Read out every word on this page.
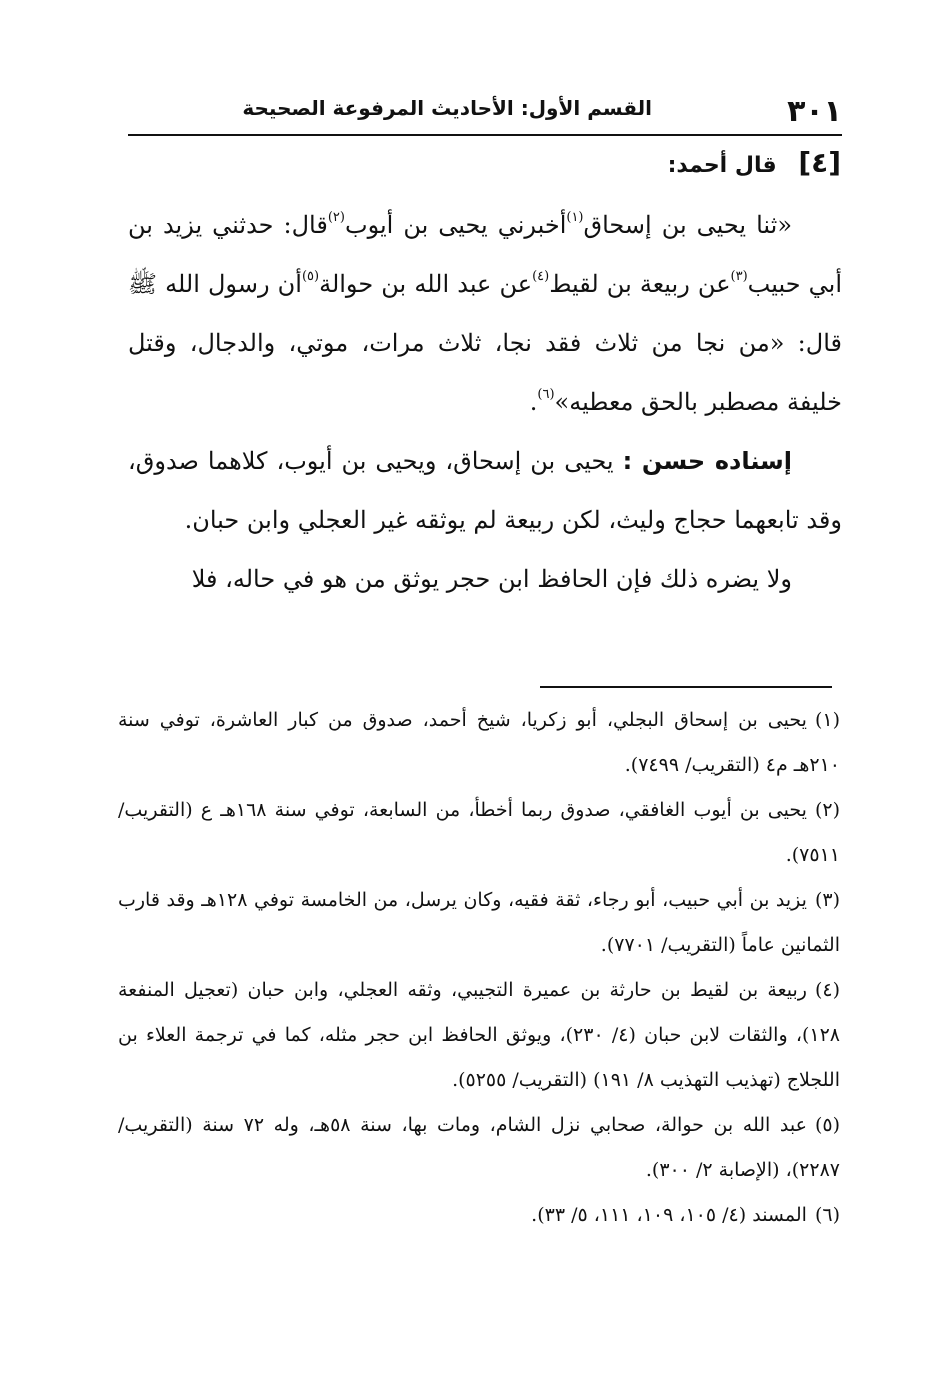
٣٠١
القسم الأول: الأحاديث المرفوعة الصحيحة
[٤] قال أحمد:

«ثنا يحيى بن إسحاق$^{(١)}$أخبرني يحيى بن أيوب$^{(٢)}$قال: حدثني يزيد بن أبي حبيب$^{(٣)}$عن ربيعة بن لقيط$^{(٤)}$عن عبد الله بن حوالة$^{(٥)}$أن رسول الله ﷺ قال: «من نجا من ثلاث فقد نجا، ثلاث مرات، موتي، والدجال، وقتل خليفة مصطبر بالحق معطيه»$^{(٦)}$.

إسناده حسن : يحيى بن إسحاق، ويحيى بن أيوب، كلاهما صدوق، وقد تابعهما حجاج وليث، لكن ربيعة لم يوثقه غير العجلي وابن حبان.

ولا يضره ذلك فإن الحافظ ابن حجر يوثق من هو في حاله، فلا

(١)يحيى بن إسحاق البجلي، أبو زكريا، شيخ أحمد، صدوق من كبار العاشرة، توفي سنة ٢١٠هـ م٤ (التقريب/ ٧٤٩٩).

(٢)يحيى بن أيوب الغافقي، صدوق ربما أخطأ، من السابعة، توفي سنة ١٦٨هـ ع (التقريب/ ٧٥١١).

(٣)يزيد بن أبي حبيب، أبو رجاء، ثقة فقيه، وكان يرسل، من الخامسة توفي ١٢٨هـ وقد قارب الثمانين عاماً (التقريب/ ٧٧٠١).

(٤)ربيعة بن لقيط بن حارثة بن عميرة التجيبي، وثقه العجلي، وابن حبان (تعجيل المنفعة ١٢٨)، والثقات لابن حبان (٤/ ٢٣٠)، ويوثق الحافظ ابن حجر مثله، كما في ترجمة العلاء بن اللجلاج (تهذيب التهذيب ٨/ ١٩١) (التقريب/ ٥٢٥٥).

(٥)عبد الله بن حوالة، صحابي نزل الشام، ومات بها، سنة ٥٨هـ، وله ٧٢ سنة (التقريب/ ٢٢٨٧)، (الإصابة ٢/ ٣٠٠).

(٦)المسند (٤/ ١٠٥، ١٠٩، ١١١، ٥/ ٣٣).
